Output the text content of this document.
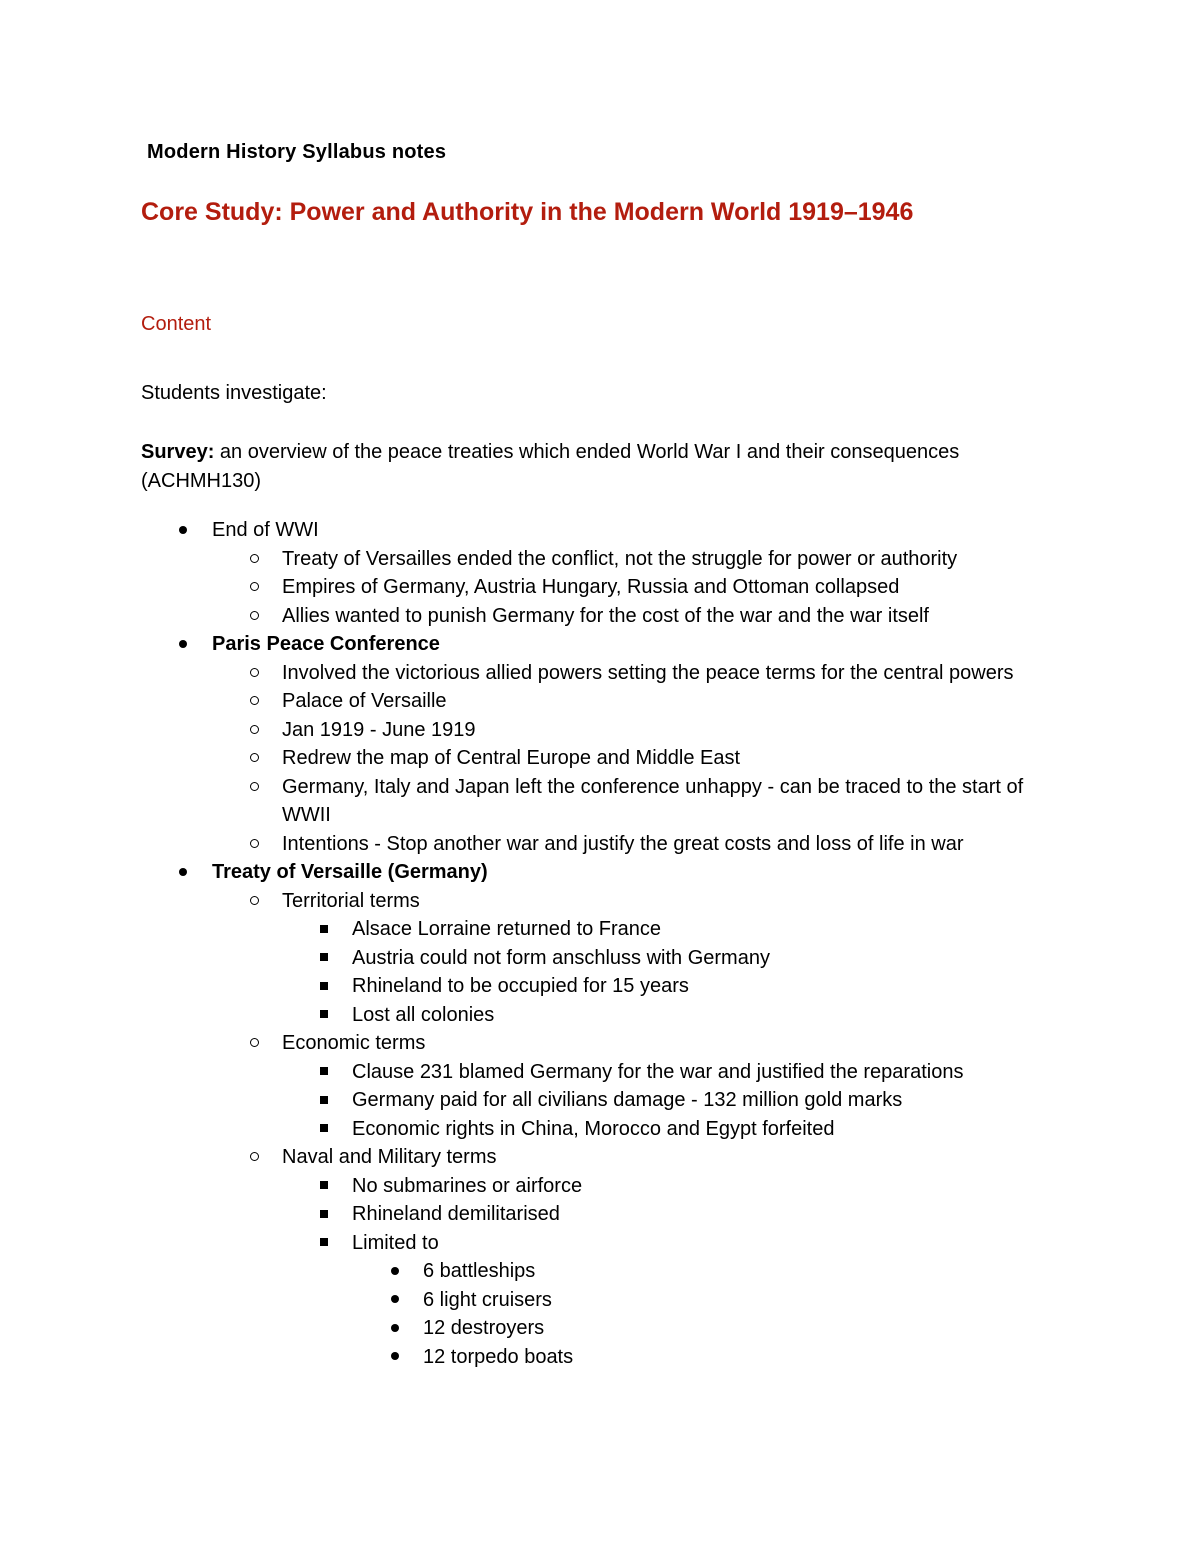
Modern History Syllabus notes
Core Study: Power and Authority in the Modern World 1919–1946
Content
Students investigate:
Survey: an overview of the peace treaties which ended World War I and their consequences (ACHMH130)
End of WWI
Treaty of Versailles ended the conflict, not the struggle for power or authority
Empires of Germany, Austria Hungary, Russia and Ottoman collapsed
Allies wanted to punish Germany for the cost of the war and the war itself
Paris Peace Conference
Involved the victorious allied powers setting the peace terms for the central powers
Palace of Versaille
Jan 1919 - June 1919
Redrew the map of Central Europe and Middle East
Germany, Italy and Japan left the conference unhappy - can be traced to the start of WWII
Intentions - Stop another war and justify the great costs and loss of life in war
Treaty of Versaille (Germany)
Territorial terms
Alsace Lorraine returned to France
Austria could not form anschluss with Germany
Rhineland to be occupied for 15 years
Lost all colonies
Economic terms
Clause 231 blamed Germany for the war and justified the reparations
Germany paid for all civilians damage - 132 million gold marks
Economic rights in China, Morocco and Egypt forfeited
Naval and Military terms
No submarines or airforce
Rhineland demilitarised
Limited to
6 battleships
6 light cruisers
12 destroyers
12 torpedo boats
